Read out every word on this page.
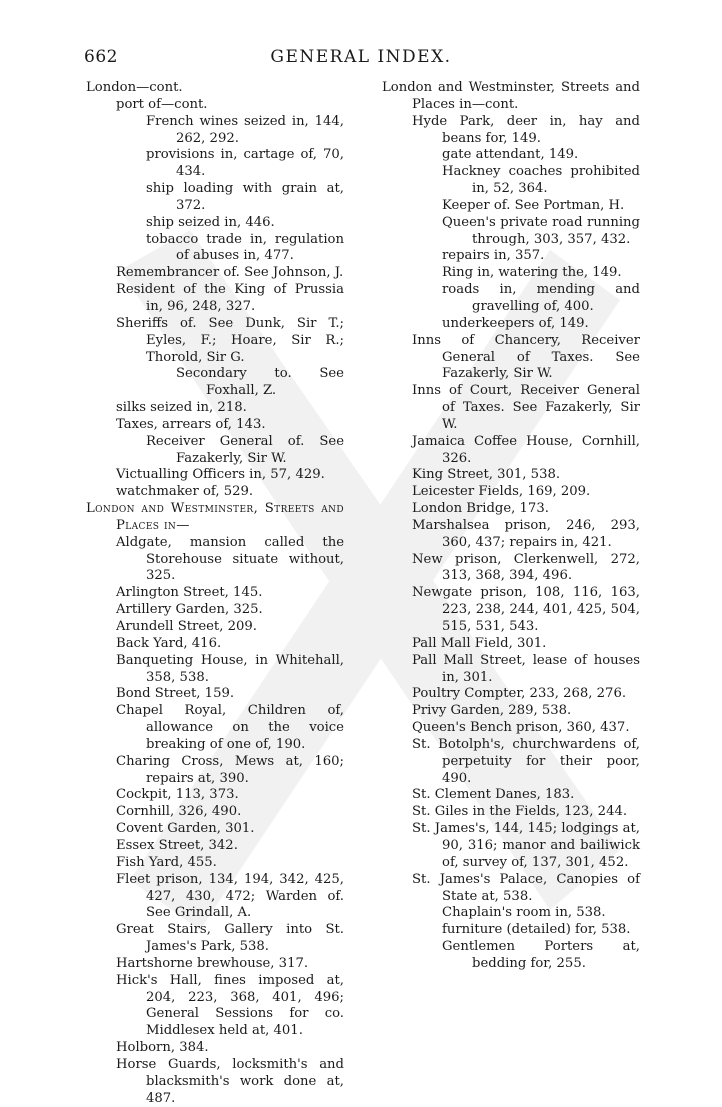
662	GENERAL INDEX.
London—cont.
port of—cont.
French wines seized in, 144, 262, 292.
provisions in, cartage of, 70, 434.
ship loading with grain at, 372.
ship seized in, 446.
tobacco trade in, regulation of abuses in, 477.
Remembrancer of. See Johnson, J.
Resident of the King of Prussia in, 96, 248, 327.
Sheriffs of. See Dunk, Sir T.; Eyles, F.; Hoare, Sir R.; Thorold, Sir G.
Secondary to. See Foxhall, Z.
silks seized in, 218.
Taxes, arrears of, 143.
Receiver General of. See Fazakerly, Sir W.
Victualling Officers in, 57, 429.
watchmaker of, 529.
London and Westminster, Streets and Places in—
Aldgate, mansion called the Storehouse situate without, 325.
Arlington Street, 145.
Artillery Garden, 325.
Arundell Street, 209.
Back Yard, 416.
Banqueting House, in Whitehall, 358, 538.
Bond Street, 159.
Chapel Royal, Children of, allowance on the voice breaking of one of, 190.
Charing Cross, Mews at, 160; repairs at, 390.
Cockpit, 113, 373.
Cornhill, 326, 490.
Covent Garden, 301.
Essex Street, 342.
Fish Yard, 455.
Fleet prison, 134, 194, 342, 425, 427, 430, 472; Warden of. See Grindall, A.
Great Stairs, Gallery into St. James's Park, 538.
Hartshorne brewhouse, 317.
Hick's Hall, fines imposed at, 204, 223, 368, 401, 496; General Sessions for co. Middlesex held at, 401.
Holborn, 384.
Horse Guards, locksmith's and blacksmith's work done at, 487.
London and Westminster, Streets and Places in—cont.
Hyde Park, deer in, hay and beans for, 149.
gate attendant, 149.
Hackney coaches prohibited in, 52, 364.
Keeper of. See Portman, H.
Queen's private road running through, 303, 357, 432.
repairs in, 357.
Ring in, watering the, 149.
roads in, mending and gravelling of, 400.
underkeepers of, 149.
Inns of Chancery, Receiver General of Taxes. See Fazakerly, Sir W.
Inns of Court, Receiver General of Taxes. See Fazakerly, Sir W.
Jamaica Coffee House, Cornhill, 326.
King Street, 301, 538.
Leicester Fields, 169, 209.
London Bridge, 173.
Marshalsea prison, 246, 293, 360, 437; repairs in, 421.
New prison, Clerkenwell, 272, 313, 368, 394, 496.
Newgate prison, 108, 116, 163, 223, 238, 244, 401, 425, 504, 515, 531, 543.
Pall Mall Field, 301.
Pall Mall Street, lease of houses in, 301.
Poultry Compter, 233, 268, 276.
Privy Garden, 289, 538.
Queen's Bench prison, 360, 437.
St. Botolph's, churchwardens of, perpetuity for their poor, 490.
St. Clement Danes, 183.
St. Giles in the Fields, 123, 244.
St. James's, 144, 145; lodgings at, 90, 316; manor and bailiwick of, survey of, 137, 301, 452.
St. James's Palace, Canopies of State at, 538.
Chaplain's room in, 538.
furniture (detailed) for, 538.
Gentlemen Porters at, bedding for, 255.
